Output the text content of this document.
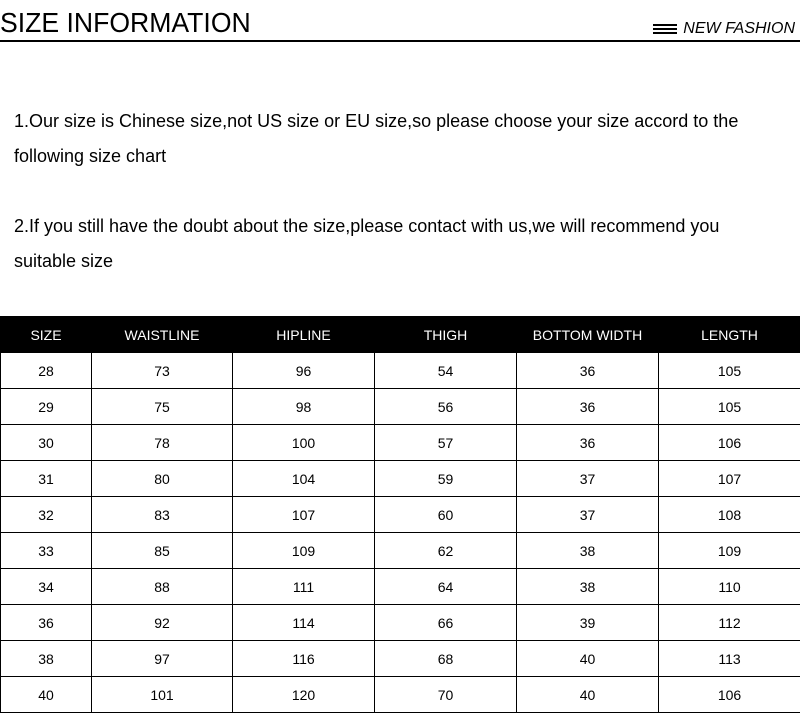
SIZE INFORMATION	NEW FASHION

1.Our size is Chinese size,not US size or EU size,so please choose your size accord to the following size chart

2.If you still have the doubt about the size,please contact with us,we will recommend you suitable size

SIZE	WAISTLINE	HIPLINE	THIGH	BOTTOM WIDTH	LENGTH
28	73	96	54	36	105
29	75	98	56	36	105
30	78	100	57	36	106
31	80	104	59	37	107
32	83	107	60	37	108
33	85	109	62	38	109
34	88	111	64	38	110
36	92	114	66	39	112
38	97	116	68	40	113
40	101	120	70	40	106
